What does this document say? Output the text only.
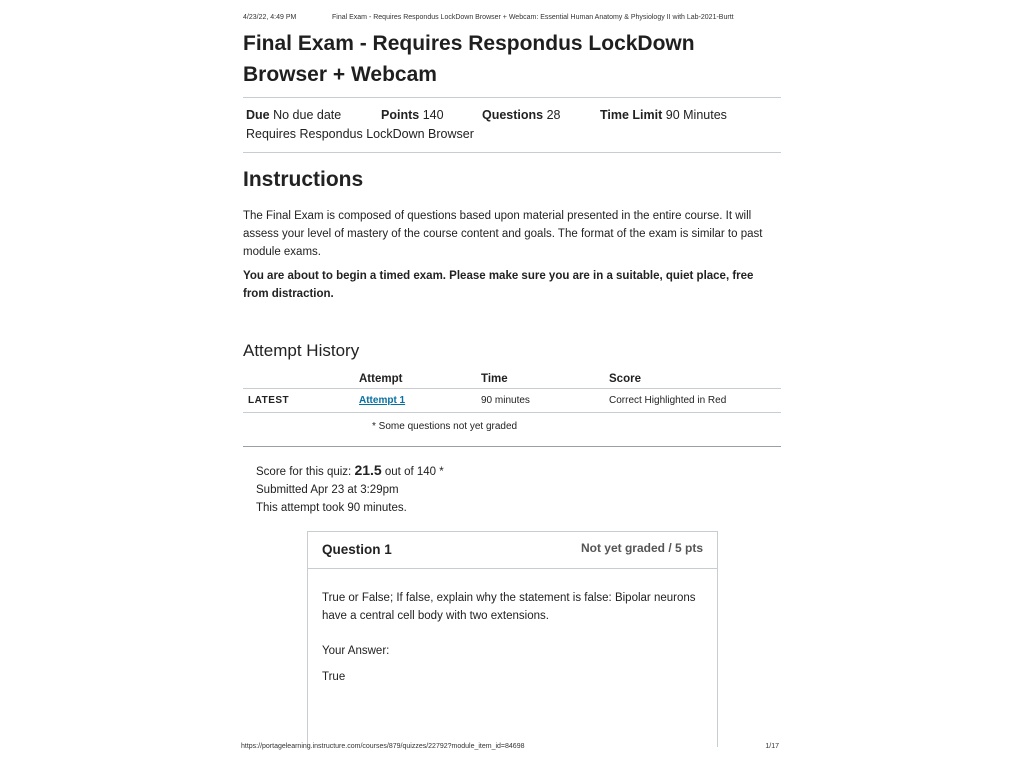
4/23/22, 4:49 PM	Final Exam - Requires Respondus LockDown Browser + Webcam: Essential Human Anatomy & Physiology II with Lab-2021-Burtt
Final Exam - Requires Respondus LockDown Browser + Webcam
Due No due date	Points 140	Questions 28	Time Limit 90 Minutes
Requires Respondus LockDown Browser
Instructions
The Final Exam is composed of questions based upon material presented in the entire course. It will assess your level of mastery of the course content and goals. The format of the exam is similar to past module exams.
You are about to begin a timed exam. Please make sure you are in a suitable, quiet place, free from distraction.
Attempt History
	Attempt	Time	Score
LATEST	Attempt 1	90 minutes	Correct Highlighted in Red
* Some questions not yet graded
Score for this quiz: 21.5 out of 140 *
Submitted Apr 23 at 3:29pm
This attempt took 90 minutes.
Question 1	Not yet graded / 5 pts

True or False; If false, explain why the statement is false: Bipolar neurons have a central cell body with two extensions.

Your Answer:

True

https://portagelearning.instructure.com/courses/879/quizzes/22792?module_item_id=84698	1/17
